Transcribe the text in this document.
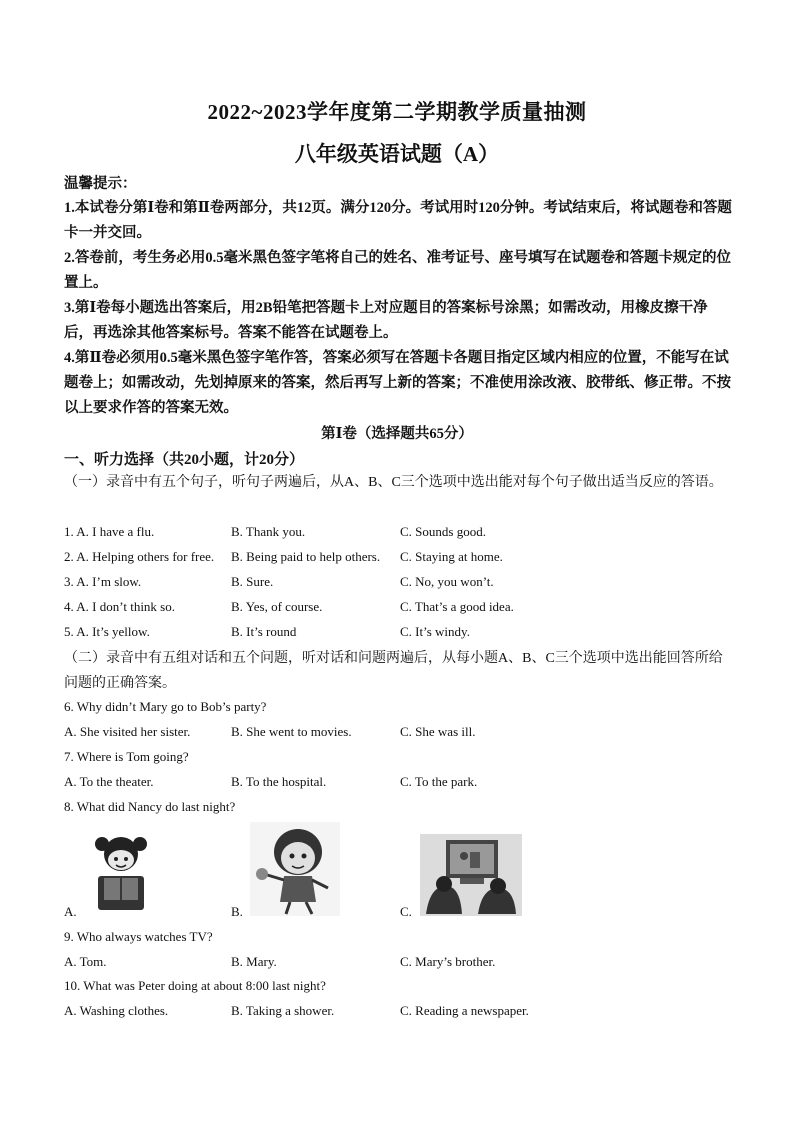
2022~2023学年度第二学期教学质量抽测
八年级英语试题（A）
温馨提示：
1.本试卷分第Ⅰ卷和第Ⅱ卷两部分，共12页。满分120分。考试用时120分钟。考试结束后，将试题卷和答题卡一并交回。
2.答卷前，考生务必用0.5毫米黑色签字笔将自己的姓名、准考证号、座号填写在试题卷和答题卡规定的位置上。
3.第Ⅰ卷每小题选出答案后，用2B铅笔把答题卡上对应题目的答案标号涂黑；如需改动，用橡皮擦干净后，再选涂其他答案标号。答案不能答在试题卷上。
4.第Ⅱ卷必须用0.5毫米黑色签字笔作答，答案必须写在答题卡各题目指定区域内相应的位置，不能写在试题卷上；如需改动，先划掉原来的答案，然后再写上新的答案；不准使用涂改液、胶带纸、修正带。不按以上要求作答的答案无效。
第Ⅰ卷（选择题共65分）
一、听力选择（共20小题，计20分）
（一）录音中有五个句子，听句子两遍后，从A、B、C三个选项中选出能对每个句子做出适当反应的答语。
1. A. I have a flu.	B. Thank you.	C. Sounds good.
2. A. Helping others for free. B. Being paid to help others. C. Staying at home.
3. A. I’m slow.	B. Sure.	C. No, you won’t.
4. A. I don’t think so.	B. Yes, of course.	C. That’s a good idea.
5. A. It’s yellow.	B. It’s round	C. It’s windy.
（二）录音中有五组对话和五个问题，听对话和问题两遍后，从每小题A、B、C三个选项中选出能回答所给问题的正确答案。
6. Why didn’t Mary go to Bob’s party?
A. She visited her sister.	B. She went to movies.	C. She was ill.
7. Where is Tom going?
A. To the theater.	B. To the hospital.	C. To the park.
8. What did Nancy do last night?
A.	B.	C.
9. Who always watches TV?
A. Tom.	B. Mary.	C. Mary’s brother.
10. What was Peter doing at about 8:00 last night?
A. Washing clothes.	B. Taking a shower.	C. Reading a newspaper.
